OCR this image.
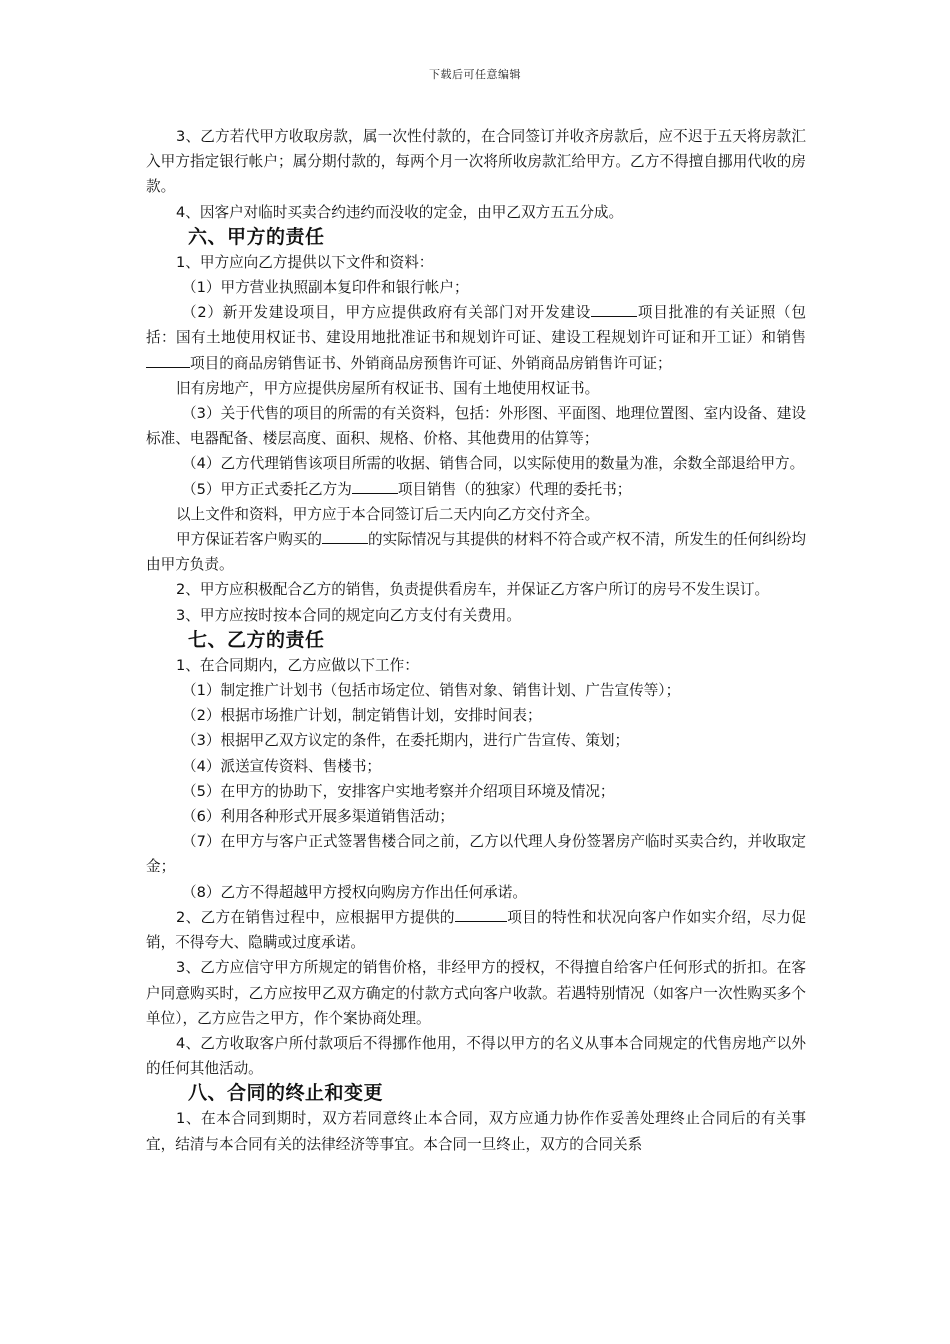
下载后可任意编辑

3、乙方若代甲方收取房款，属一次性付款的，在合同签订并收齐房款后，应不迟于五天将房款汇入甲方指定银行帐户；属分期付款的，每两个月一次将所收房款汇给甲方。乙方不得擅自挪用代收的房款。

4、因客户对临时买卖合约违约而没收的定金，由甲乙双方五五分成。

六、甲方的责任

1、甲方应向乙方提供以下文件和资料：

（1）甲方营业执照副本复印件和银行帐户；

（2）新开发建设项目，甲方应提供政府有关部门对开发建设	项目批准的有关证照（包括：国有土地使用权证书、建设用地批准证书和规划许可证、建设工程规划许可证和开工证）和销售项目的商品房销售证书、外销商品房预售许可证、外销商品房销售许可证；

旧有房地产，甲方应提供房屋所有权证书、国有土地使用权证书。

（3）关于代售的项目的所需的有关资料，包括：外形图、平面图、地理位置图、室内设备、建设标准、电器配备、楼层高度、面积、规格、价格、其他费用的估算等；

（4）乙方代理销售该项目所需的收据、销售合同，以实际使用的数量为准，余数全部退给甲方。

（5）甲方正式委托乙方为	项目销售（的独家）代理的委托书；

以上文件和资料，甲方应于本合同签订后二天内向乙方交付齐全。

甲方保证若客户购买的	的实际情况与其提供的材料不符合或产权不清，所发生的任何纠纷均由甲方负责。

2、甲方应积极配合乙方的销售，负责提供看房车，并保证乙方客户所订的房号不发生误订。

3、甲方应按时按本合同的规定向乙方支付有关费用。

七、乙方的责任

1、在合同期内，乙方应做以下工作：

（1）制定推广计划书（包括市场定位、销售对象、销售计划、广告宣传等）；

（2）根据市场推广计划，制定销售计划，安排时间表；

（3）根据甲乙双方议定的条件，在委托期内，进行广告宣传、策划；

（4）派送宣传资料、售楼书；

（5）在甲方的协助下，安排客户实地考察并介绍项目环境及情况；

（6）利用各种形式开展多渠道销售活动；

（7）在甲方与客户正式签署售楼合同之前，乙方以代理人身份签署房产临时买卖合约，并收取定金；

（8）乙方不得超越甲方授权向购房方作出任何承诺。

2、乙方在销售过程中，应根据甲方提供的	项目的特性和状况向客户作如实介绍，尽力促销，不得夸大、隐瞒或过度承诺。

3、乙方应信守甲方所规定的销售价格，非经甲方的授权，不得擅自给客户任何形式的折扣。在客户同意购买时，乙方应按甲乙双方确定的付款方式向客户收款。若遇特别情况（如客户一次性购买多个单位），乙方应告之甲方，作个案协商处理。

4、乙方收取客户所付款项后不得挪作他用，不得以甲方的名义从事本合同规定的代售房地产以外的任何其他活动。

八、合同的终止和变更

1、在本合同到期时，双方若同意终止本合同，双方应通力协作作妥善处理终止合同后的有关事宜，结清与本合同有关的法律经济等事宜。本合同一旦终止，双方的合同关系
